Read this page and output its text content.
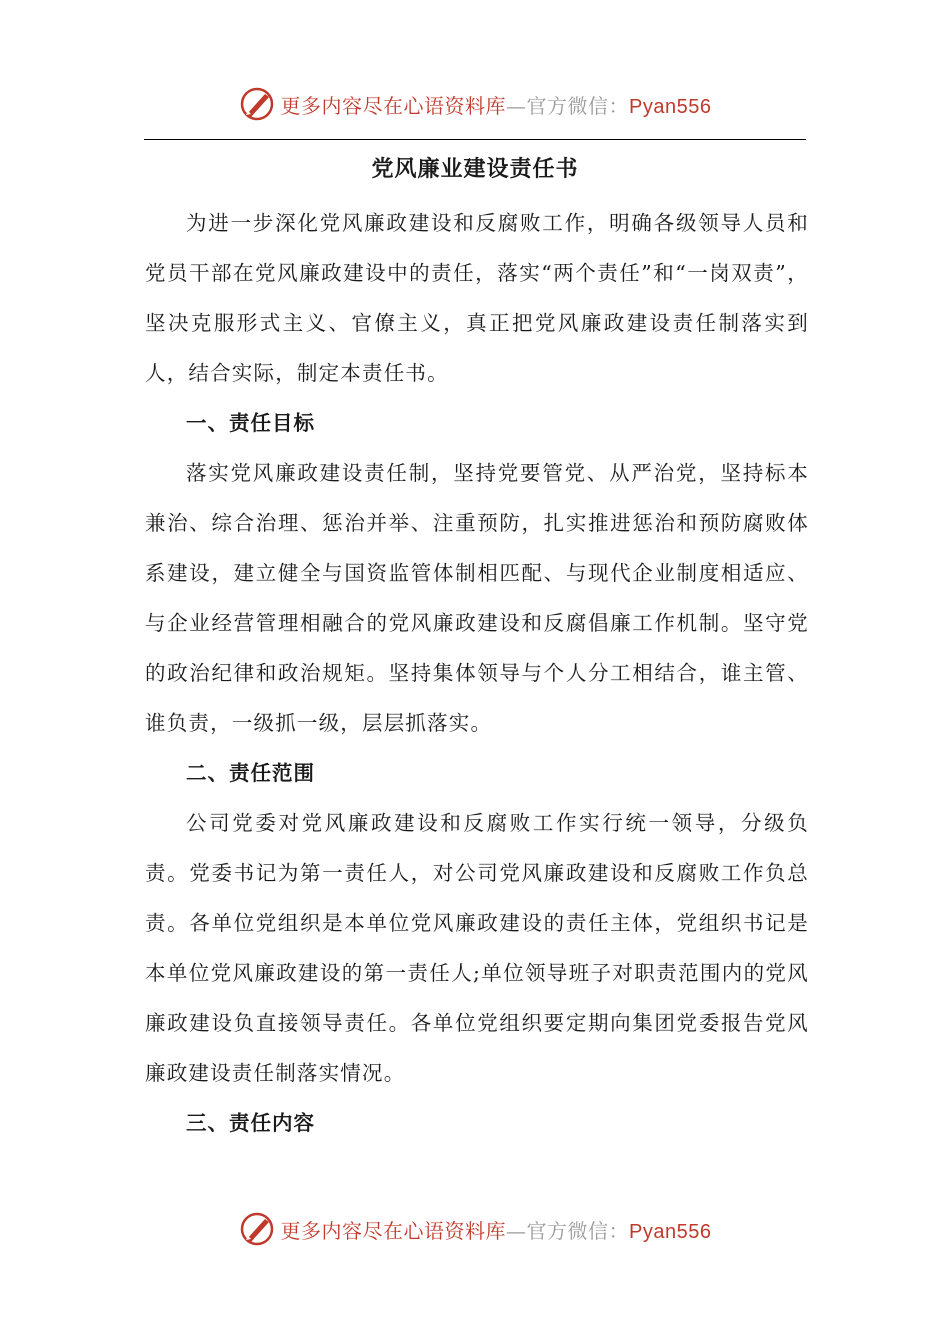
更多内容尽在心语资料库—官方微信：Pyan556
党风廉业建设责任书

为进一步深化党风廉政建设和反腐败工作，明确各级领导人员和党员干部在党风廉政建设中的责任，落实“两个责任”和“一岗双责”，坚决克服形式主义、官僚主义，真正把党风廉政建设责任制落实到人，结合实际，制定本责任书。

一、责任目标

落实党风廉政建设责任制，坚持党要管党、从严治党，坚持标本兼治、综合治理、惩治并举、注重预防，扎实推进惩治和预防腐败体系建设，建立健全与国资监管体制相匹配、与现代企业制度相适应、与企业经营管理相融合的党风廉政建设和反腐倡廉工作机制。坚守党的政治纪律和政治规矩。坚持集体领导与个人分工相结合，谁主管、谁负责，一级抓一级，层层抓落实。

二、责任范围

公司党委对党风廉政建设和反腐败工作实行统一领导，分级负责。党委书记为第一责任人，对公司党风廉政建设和反腐败工作负总责。各单位党组织是本单位党风廉政建设的责任主体，党组织书记是本单位党风廉政建设的第一责任人;单位领导班子对职责范围内的党风廉政建设负直接领导责任。各单位党组织要定期向集团党委报告党风廉政建设责任制落实情况。

三、责任内容

更多内容尽在心语资料库—官方微信：Pyan556
